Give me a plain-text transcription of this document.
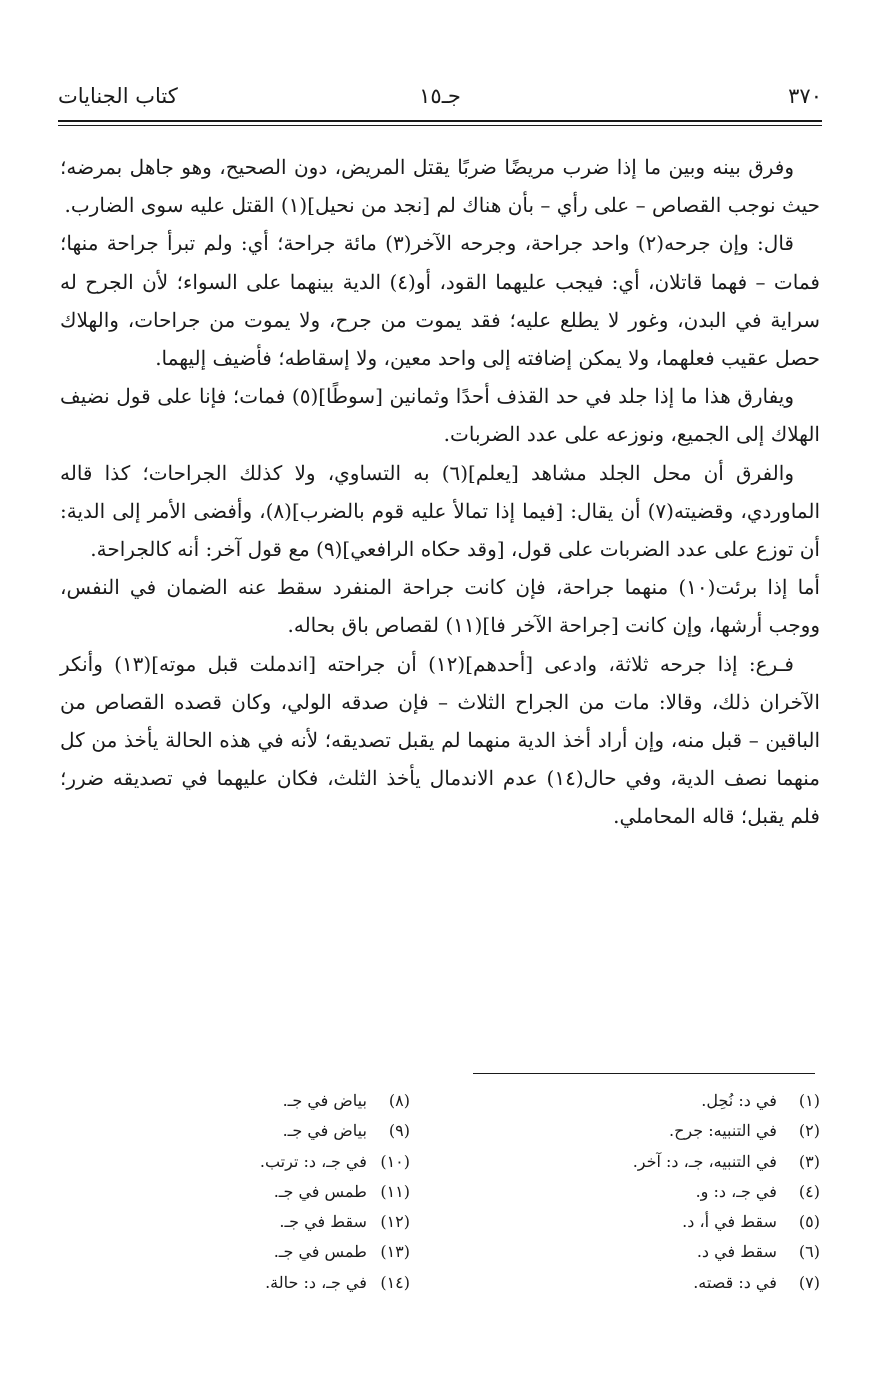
٣٧٠
جـ١٥
كتاب الجنايات

وفرق بينه وبين ما إذا ضرب مريضًا ضربًا يقتل المريض، دون الصحيح، وهو جاهل بمرضه؛ حيث نوجب القصاص – على رأي – بأن هناك لم [نجد من نحيل](١) القتل عليه سوى الضارب.

قال: وإن جرحه(٢) واحد جراحة، وجرحه الآخر(٣) مائة جراحة؛ أي: ولم تبرأ جراحة منها؛ فمات – فهما قاتلان، أي: فيجب عليهما القود، أو(٤) الدية بينهما على السواء؛ لأن الجرح له سراية في البدن، وغور لا يطلع عليه؛ فقد يموت من جرح، ولا يموت من جراحات، والهلاك حصل عقيب فعلهما، ولا يمكن إضافته إلى واحد معين، ولا إسقاطه؛ فأضيف إليهما.

ويفارق هذا ما إذا جلد في حد القذف أحدًا وثمانين [سوطًا](٥) فمات؛ فإنا على قول نضيف الهلاك إلى الجميع، ونوزعه على عدد الضربات.

والفرق أن محل الجلد مشاهد [يعلم](٦) به التساوي، ولا كذلك الجراحات؛ كذا قاله الماوردي، وقضيته(٧) أن يقال: [فيما إذا تمالأ عليه قوم بالضرب](٨)، وأفضى الأمر إلى الدية: أن توزع على عدد الضربات على قول، [وقد حكاه الرافعي](٩) مع قول آخر: أنه كالجراحة.

أما إذا برئت(١٠) منهما جراحة، فإن كانت جراحة المنفرد سقط عنه الضمان في النفس، ووجب أرشها، وإن كانت [جراحة الآخر فا](١١) لقصاص باق بحاله.

فـرع: إذا جرحه ثلاثة، وادعى [أحدهم](١٢) أن جراحته [اندملت قبل موته](١٣) وأنكر الآخران ذلك، وقالا: مات من الجراح الثلاث – فإن صدقه الولي، وكان قصده القصاص من الباقين – قبل منه، وإن أراد أخذ الدية منهما لم يقبل تصديقه؛ لأنه في هذه الحالة يأخذ من كل منهما نصف الدية، وفي حال(١٤) عدم الاندمال يأخذ الثلث، فكان عليهما في تصديقه ضرر؛ فلم يقبل؛ قاله المحاملي.

(١) في د: نُحِل.
(٢) في التنبيه: جرح.
(٣) في التنبيه، جـ، د: آخر.
(٤) في جـ، د: و.
(٥) سقط في أ، د.
(٦) سقط في د.
(٧) في د: قصته.
(٨) بياض في جـ.
(٩) بياض في جـ.
(١٠) في جـ، د: ترتب.
(١١) طمس في جـ.
(١٢) سقط في جـ.
(١٣) طمس في جـ.
(١٤) في جـ، د: حالة.
